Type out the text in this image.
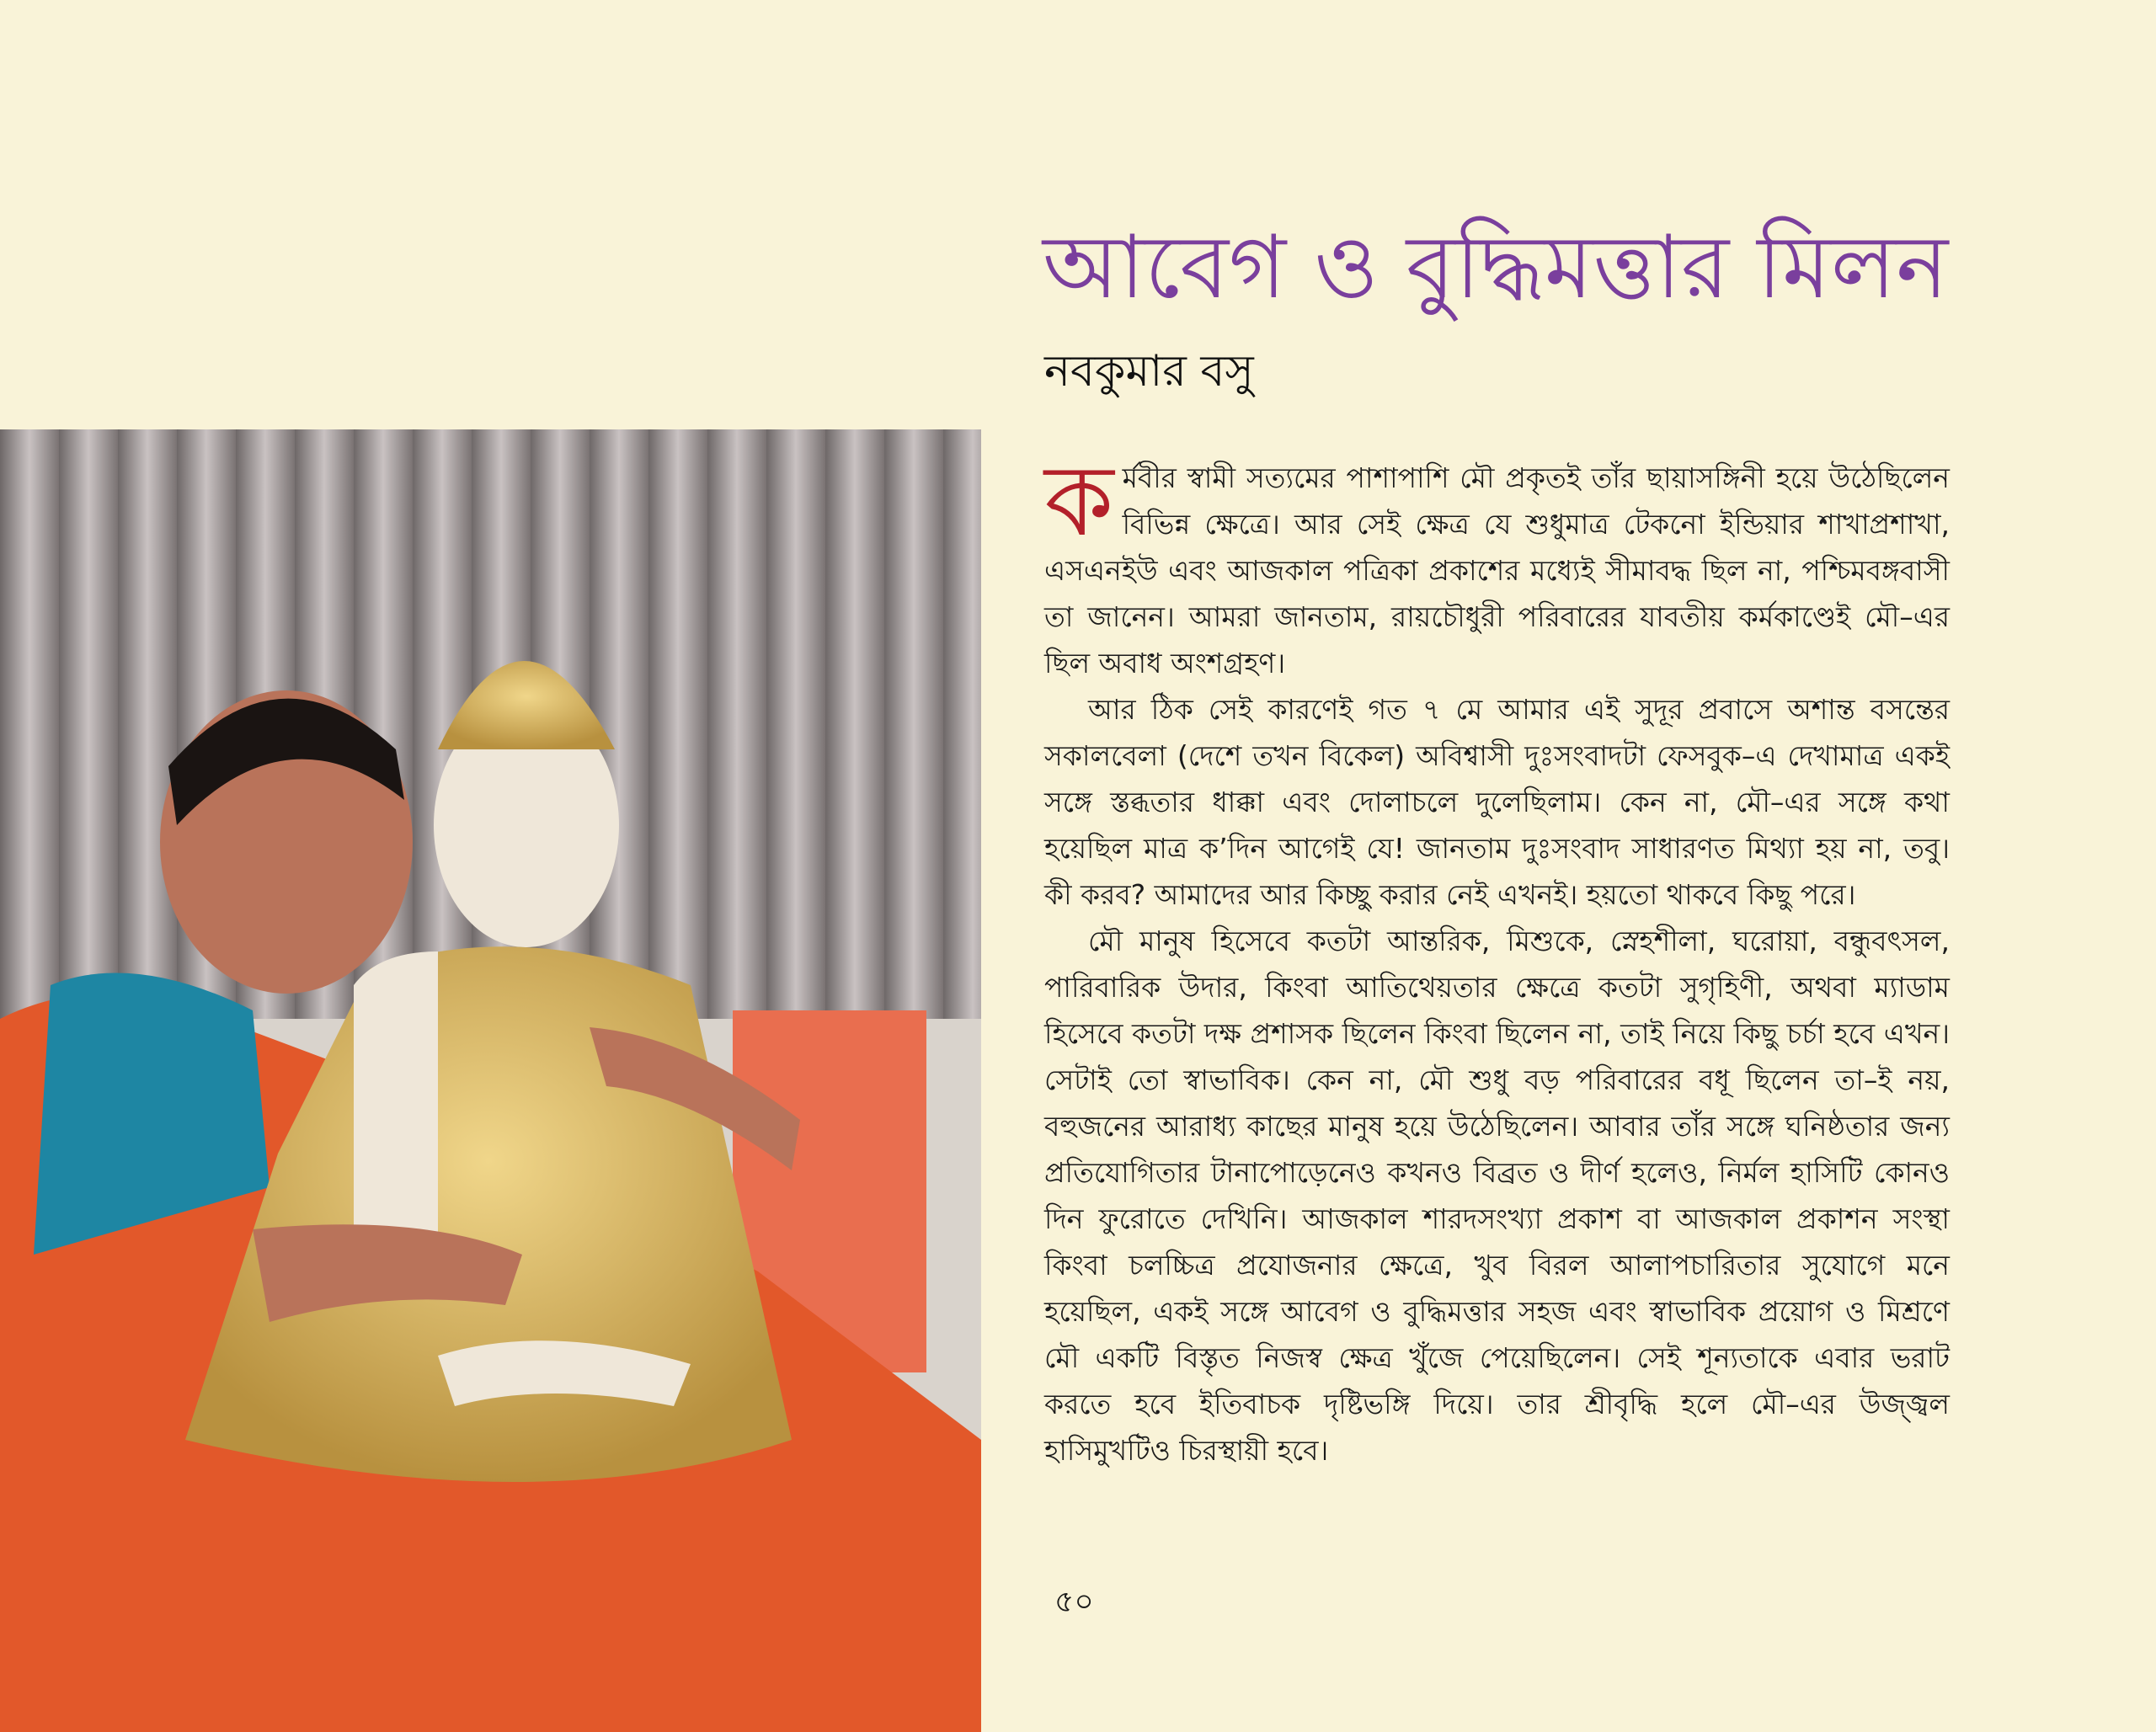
আবেগ ও বুদ্ধিমত্তার মিলন
নবকুমার বসু

কর্মবীর স্বামী সত্যমের পাশাপাশি মৌ প্রকৃতই তাঁর ছায়াসঙ্গিনী হয়ে উঠেছিলেন বিভিন্ন ক্ষেত্রে। আর সেই ক্ষেত্র যে শুধুমাত্র টেকনো ইন্ডিয়ার শাখাপ্রশাখা, এসএনইউ এবং আজকাল পত্রিকা প্রকাশের মধ্যেই সীমাবদ্ধ ছিল না, পশ্চিমবঙ্গবাসী তা জানেন। আমরা জানতাম, রায়চৌধুরী পরিবারের যাবতীয় কর্মকাণ্ডেই মৌ–এর ছিল অবাধ অংশগ্রহণ।

আর ঠিক সেই কারণেই গত ৭ মে আমার এই সুদূর প্রবাসে অশান্ত বসন্তের সকালবেলা (দেশে তখন বিকেল) অবিশ্বাসী দুঃসংবাদটা ফেসবুক–এ দেখামাত্র একই সঙ্গে স্তব্ধতার ধাক্কা এবং দোলাচলে দুলেছিলাম। কেন না, মৌ–এর সঙ্গে কথা হয়েছিল মাত্র ক’দিন আগেই যে! জানতাম দুঃসংবাদ সাধারণত মিথ্যা হয় না, তবু। কী করব? আমাদের আর কিচ্ছু করার নেই এখনই। হয়তো থাকবে কিছু পরে।

মৌ মানুষ হিসেবে কতটা আন্তরিক, মিশুকে, স্নেহশীলা, ঘরোয়া, বন্ধুবৎসল, পারিবারিক উদার, কিংবা আতিথেয়তার ক্ষেত্রে কতটা সুগৃহিণী, অথবা ম্যাডাম হিসেবে কতটা দক্ষ প্রশাসক ছিলেন কিংবা ছিলেন না, তাই নিয়ে কিছু চর্চা হবে এখন। সেটাই তো স্বাভাবিক। কেন না, মৌ শুধু বড় পরিবারের বধূ ছিলেন তা–ই নয়, বহুজনের আরাধ্য কাছের মানুষ হয়ে উঠেছিলেন। আবার তাঁর সঙ্গে ঘনিষ্ঠতার জন্য প্রতিযোগিতার টানাপোড়েনেও কখনও বিব্রত ও দীর্ণ হলেও, নির্মল হাসিটি কোনও দিন ফুরোতে দেখিনি। আজকাল শারদসংখ্যা প্রকাশ বা আজকাল প্রকাশন সংস্থা কিংবা চলচ্চিত্র প্রযোজনার ক্ষেত্রে, খুব বিরল আলাপচারিতার সুযোগে মনে হয়েছিল, একই সঙ্গে আবেগ ও বুদ্ধিমত্তার সহজ এবং স্বাভাবিক প্রয়োগ ও মিশ্রণে মৌ একটি বিস্তৃত নিজস্ব ক্ষেত্র খুঁজে পেয়েছিলেন। সেই শূন্যতাকে এবার ভরাট করতে হবে ইতিবাচক দৃষ্টিভঙ্গি দিয়ে। তার শ্রীবৃদ্ধি হলে মৌ–এর উজ্জ্বল হাসিমুখটিও চিরস্থায়ী হবে।

৫০
